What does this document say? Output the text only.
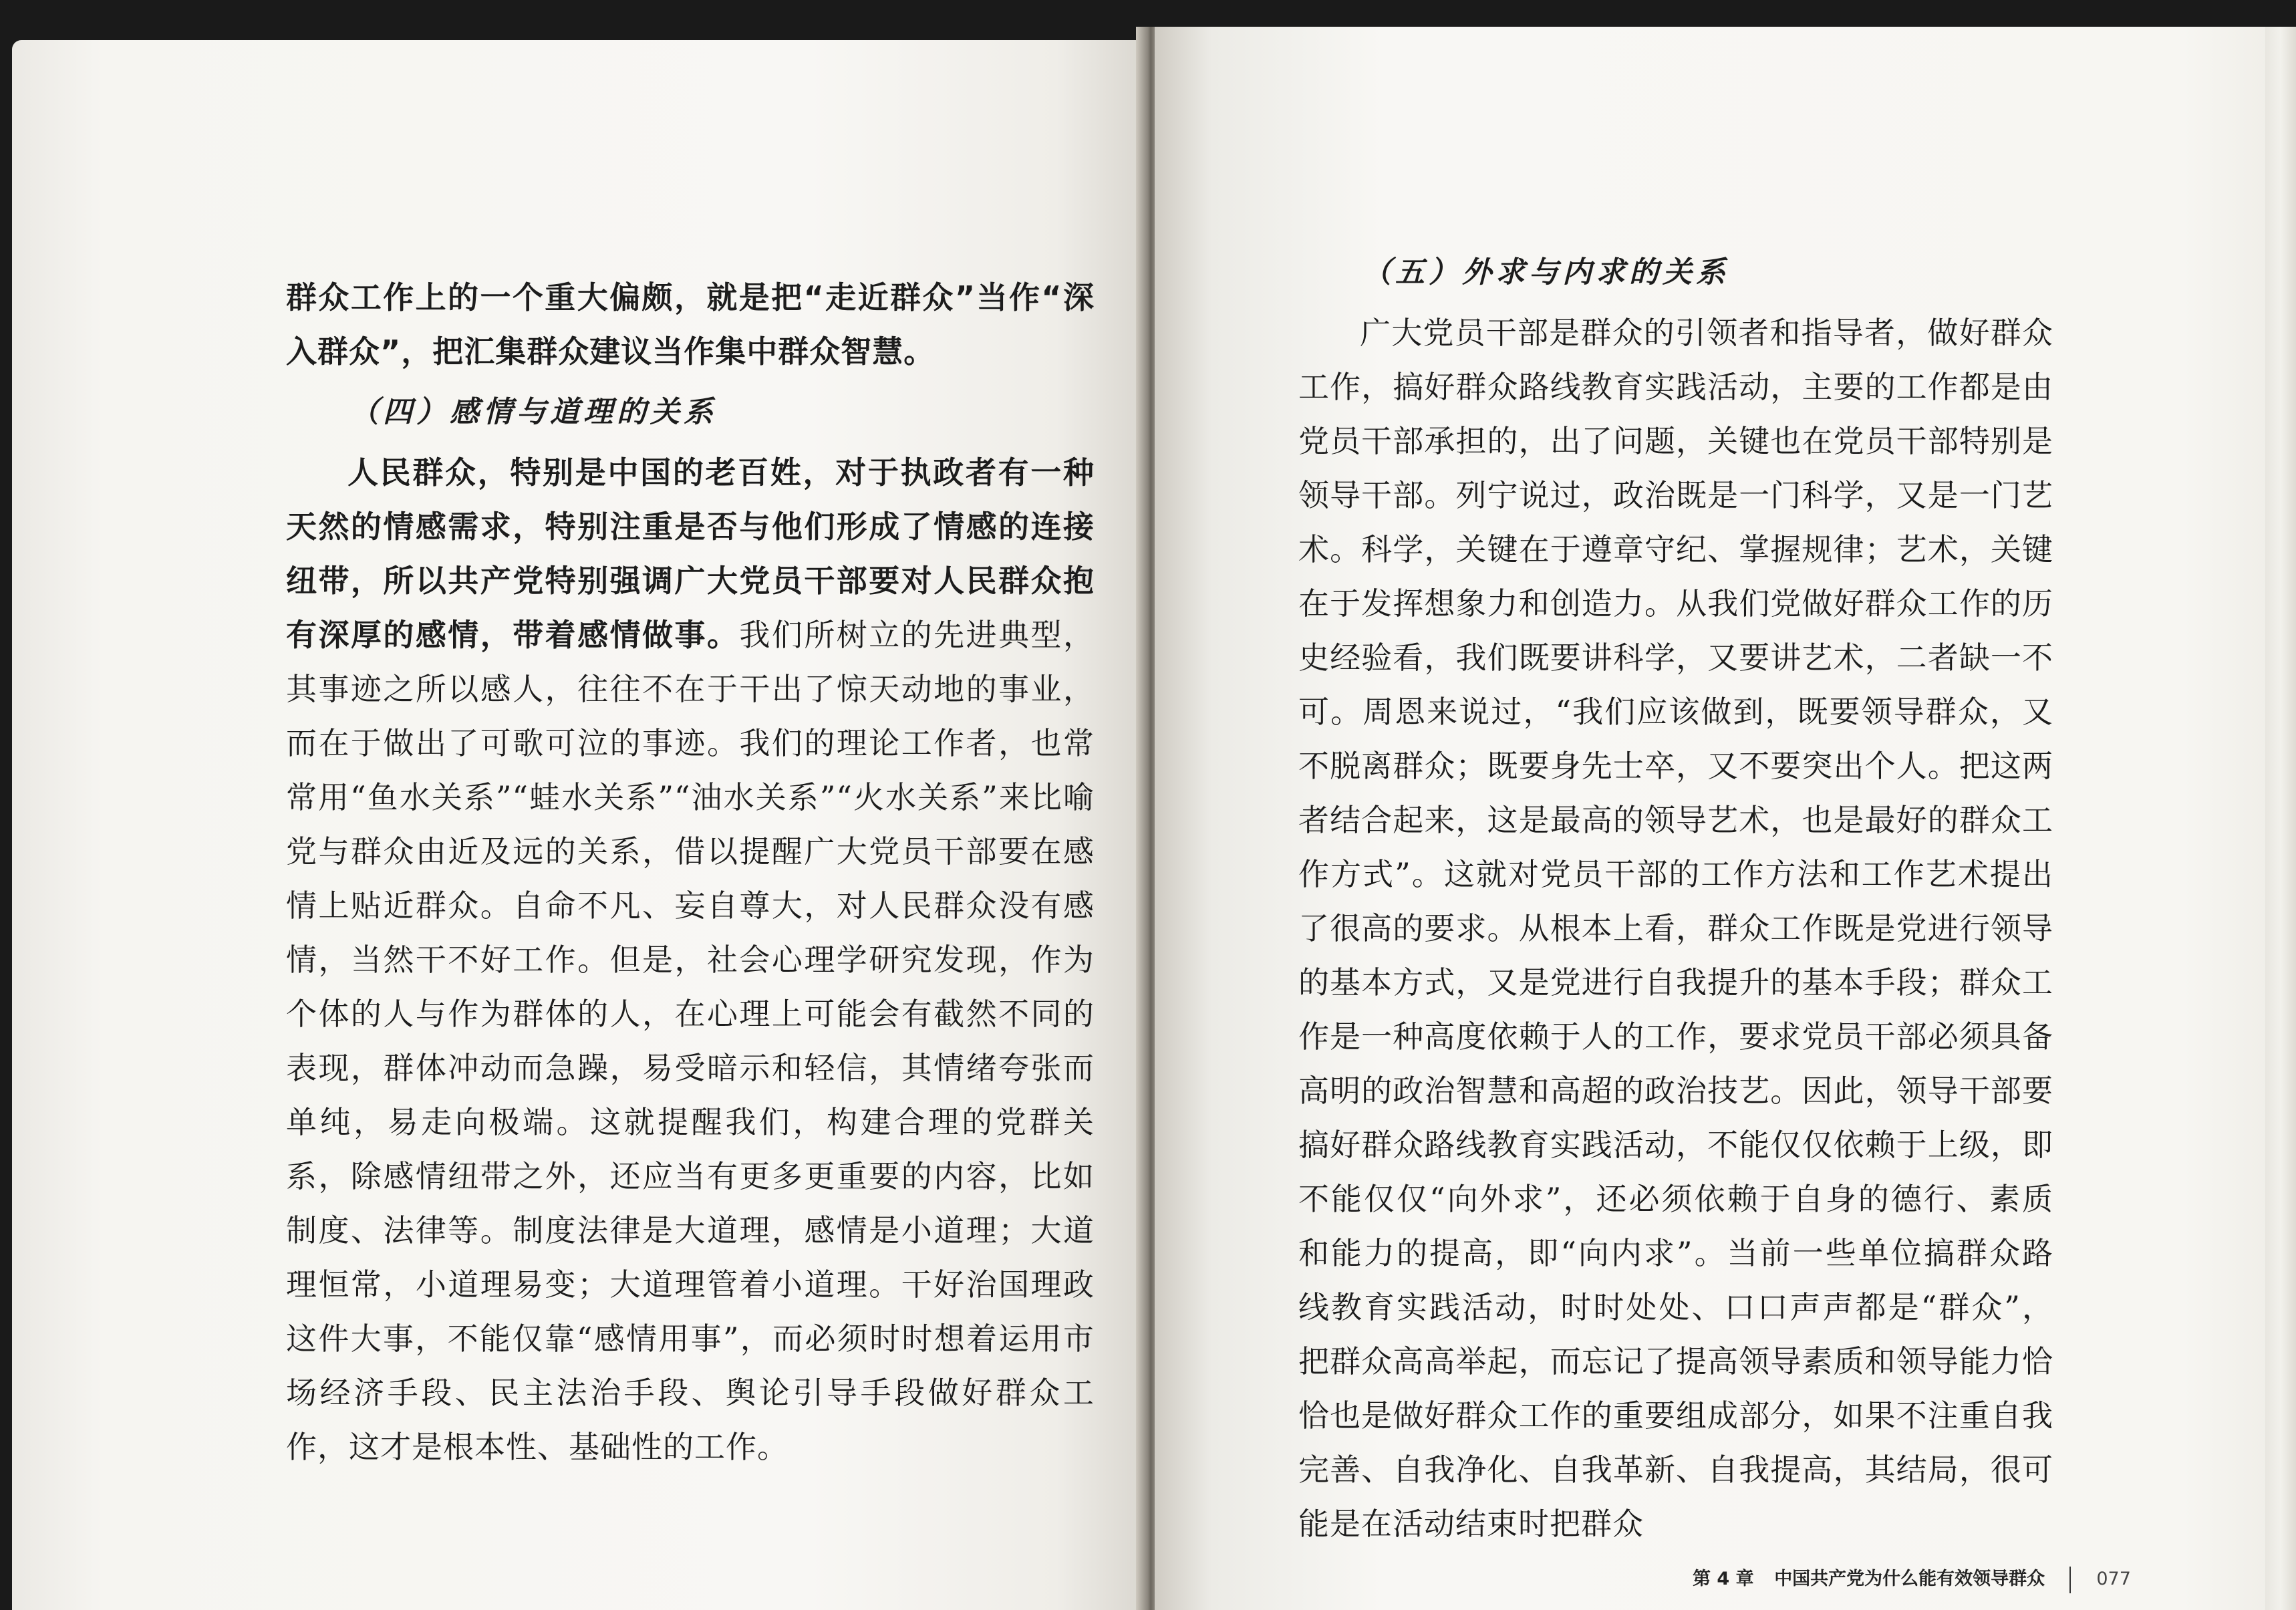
群众工作上的一个重大偏颇，就是把“走近群众”当作“深入群众”，把汇集群众建议当作集中群众智慧。

（四）感情与道理的关系

人民群众，特别是中国的老百姓，对于执政者有一种天然的情感需求，特别注重是否与他们形成了情感的连接纽带，所以共产党特别强调广大党员干部要对人民群众抱有深厚的感情，带着感情做事。我们所树立的先进典型，其事迹之所以感人，往往不在于干出了惊天动地的事业，而在于做出了可歌可泣的事迹。我们的理论工作者，也常常用“鱼水关系”“蛙水关系”“油水关系”“火水关系”来比喻党与群众由近及远的关系，借以提醒广大党员干部要在感情上贴近群众。自命不凡、妄自尊大，对人民群众没有感情，当然干不好工作。但是，社会心理学研究发现，作为个体的人与作为群体的人，在心理上可能会有截然不同的表现，群体冲动而急躁，易受暗示和轻信，其情绪夸张而单纯，易走向极端。这就提醒我们，构建合理的党群关系，除感情纽带之外，还应当有更多更重要的内容，比如制度、法律等。制度法律是大道理，感情是小道理；大道理恒常，小道理易变；大道理管着小道理。干好治国理政这件大事，不能仅靠“感情用事”，而必须时时想着运用市场经济手段、民主法治手段、舆论引导手段做好群众工作，这才是根本性、基础性的工作。

（五）外求与内求的关系

广大党员干部是群众的引领者和指导者，做好群众工作，搞好群众路线教育实践活动，主要的工作都是由党员干部承担的，出了问题，关键也在党员干部特别是领导干部。列宁说过，政治既是一门科学，又是一门艺术。科学，关键在于遵章守纪、掌握规律；艺术，关键在于发挥想象力和创造力。从我们党做好群众工作的历史经验看，我们既要讲科学，又要讲艺术，二者缺一不可。周恩来说过，“我们应该做到，既要领导群众，又不脱离群众；既要身先士卒，又不要突出个人。把这两者结合起来，这是最高的领导艺术，也是最好的群众工作方式”。这就对党员干部的工作方法和工作艺术提出了很高的要求。从根本上看，群众工作既是党进行领导的基本方式，又是党进行自我提升的基本手段；群众工作是一种高度依赖于人的工作，要求党员干部必须具备高明的政治智慧和高超的政治技艺。因此，领导干部要搞好群众路线教育实践活动，不能仅仅依赖于上级，即不能仅仅“向外求”，还必须依赖于自身的德行、素质和能力的提高，即“向内求”。当前一些单位搞群众路线教育实践活动，时时处处、口口声声都是“群众”，把群众高高举起，而忘记了提高领导素质和领导能力恰恰也是做好群众工作的重要组成部分，如果不注重自我完善、自我净化、自我革新、自我提高，其结局，很可能是在活动结束时把群众

第 4 章 中国共产党为什么能有效领导群众	077
